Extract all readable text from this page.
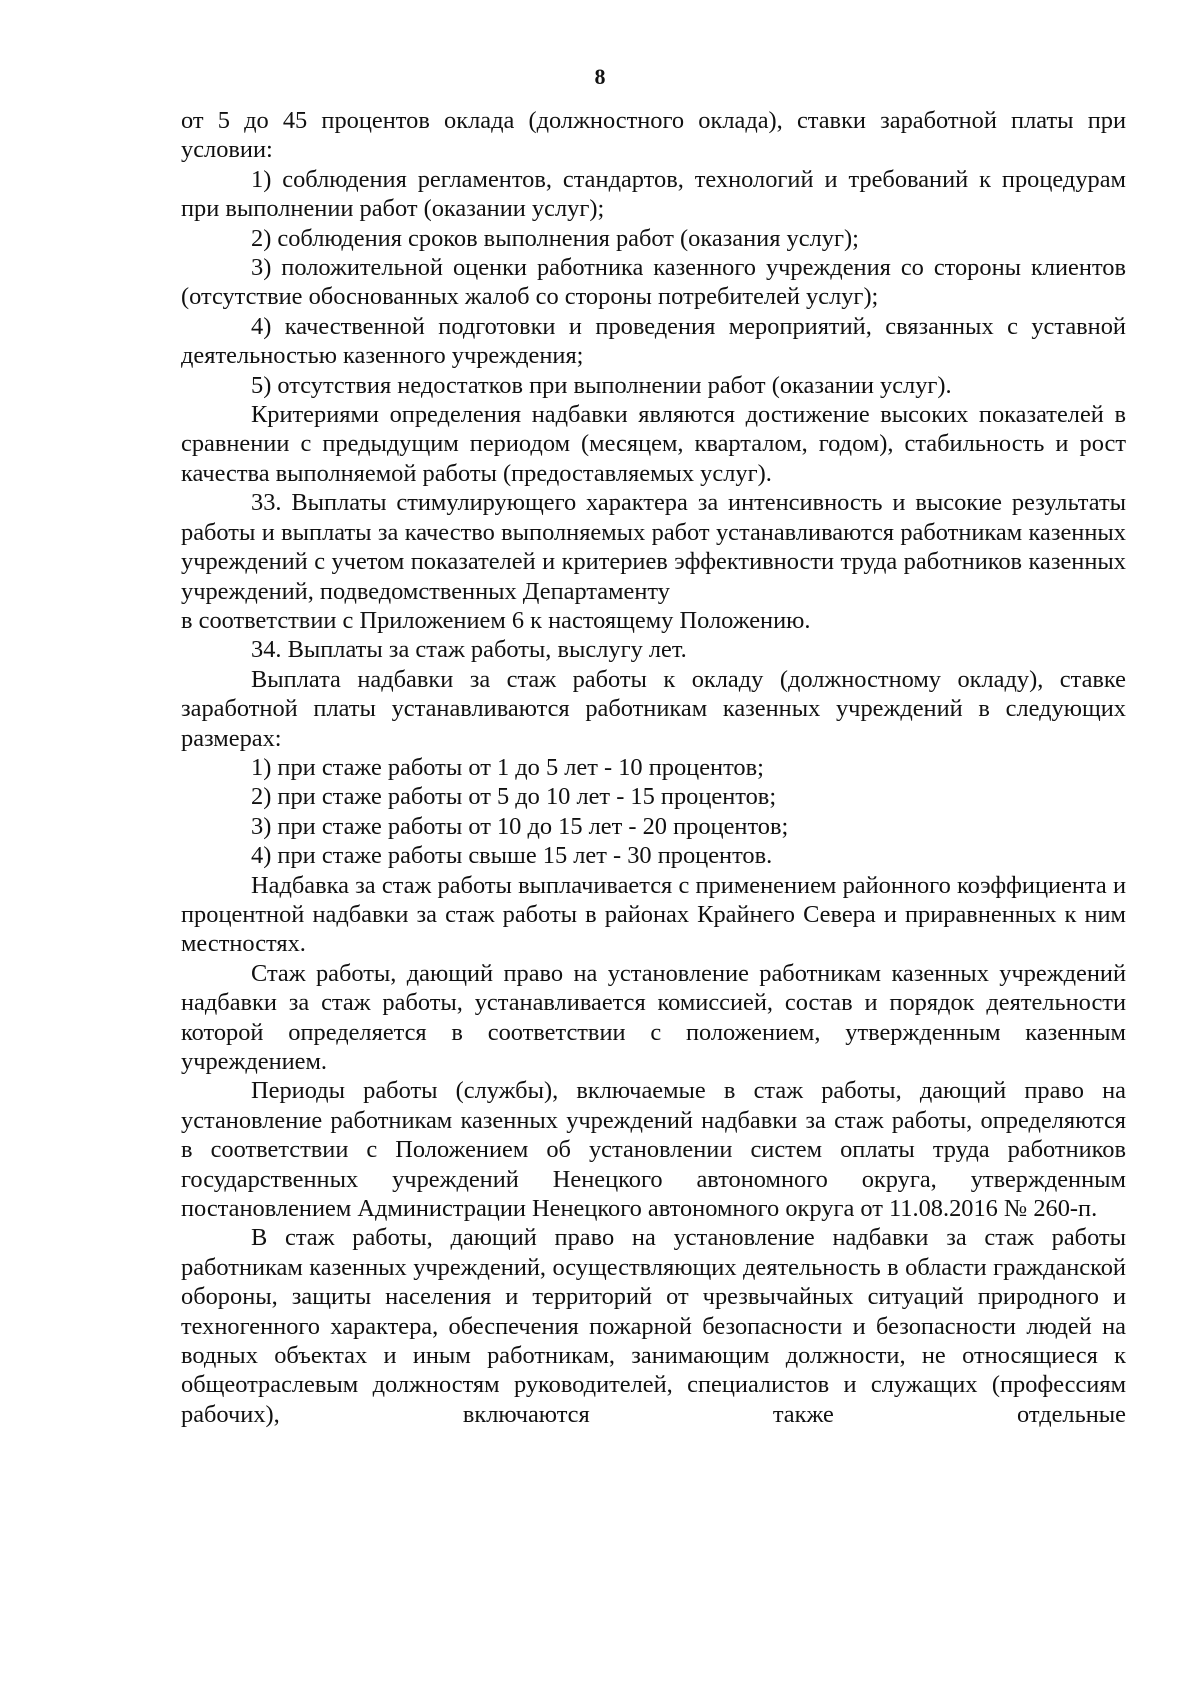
8

от 5 до 45 процентов оклада (должностного оклада), ставки заработной платы при условии:

1) соблюдения регламентов, стандартов, технологий и требований к процедурам при выполнении работ (оказании услуг);

2) соблюдения сроков выполнения работ (оказания услуг);

3) положительной оценки работника казенного учреждения со стороны клиентов (отсутствие обоснованных жалоб со стороны потребителей услуг);

4) качественной подготовки и проведения мероприятий, связанных с уставной деятельностью казенного учреждения;

5) отсутствия недостатков при выполнении работ (оказании услуг).

Критериями определения надбавки являются достижение высоких показателей в сравнении с предыдущим периодом (месяцем, кварталом, годом), стабильность и рост качества выполняемой работы (предоставляемых услуг).

33. Выплаты стимулирующего характера за интенсивность и высокие результаты работы и выплаты за качество выполняемых работ устанавливаются работникам казенных учреждений с учетом показателей и критериев эффективности труда работников казенных учреждений, подведомственных Департаменту

в соответствии с Приложением 6 к настоящему Положению.

34. Выплаты за стаж работы, выслугу лет.

Выплата надбавки за стаж работы к окладу (должностному окладу), ставке заработной платы устанавливаются работникам казенных учреждений в следующих размерах:

1) при стаже работы от 1 до 5 лет - 10 процентов;

2) при стаже работы от 5 до 10 лет - 15 процентов;

3) при стаже работы от 10 до 15 лет - 20 процентов;

4) при стаже работы свыше 15 лет - 30 процентов.

Надбавка за стаж работы выплачивается с применением районного коэффициента и процентной надбавки за стаж работы в районах Крайнего Севера и приравненных к ним местностях.

Стаж работы, дающий право на установление работникам казенных учреждений надбавки за стаж работы, устанавливается комиссией, состав и порядок деятельности которой определяется в соответствии с положением, утвержденным казенным учреждением.

Периоды работы (службы), включаемые в стаж работы, дающий право на установление работникам казенных учреждений надбавки за стаж работы, определяются в соответствии с Положением об установлении систем оплаты труда работников государственных учреждений Ненецкого автономного округа, утвержденным постановлением Администрации Ненецкого автономного округа от 11.08.2016 № 260-п.

В стаж работы, дающий право на установление надбавки за стаж работы работникам казенных учреждений, осуществляющих деятельность в области гражданской обороны, защиты населения и территорий от чрезвычайных ситуаций природного и техногенного характера, обеспечения пожарной безопасности и безопасности людей на водных объектах и иным работникам, занимающим должности, не относящиеся к общеотраслевым должностям руководителей, специалистов и служащих (профессиям рабочих), включаются также отдельные
